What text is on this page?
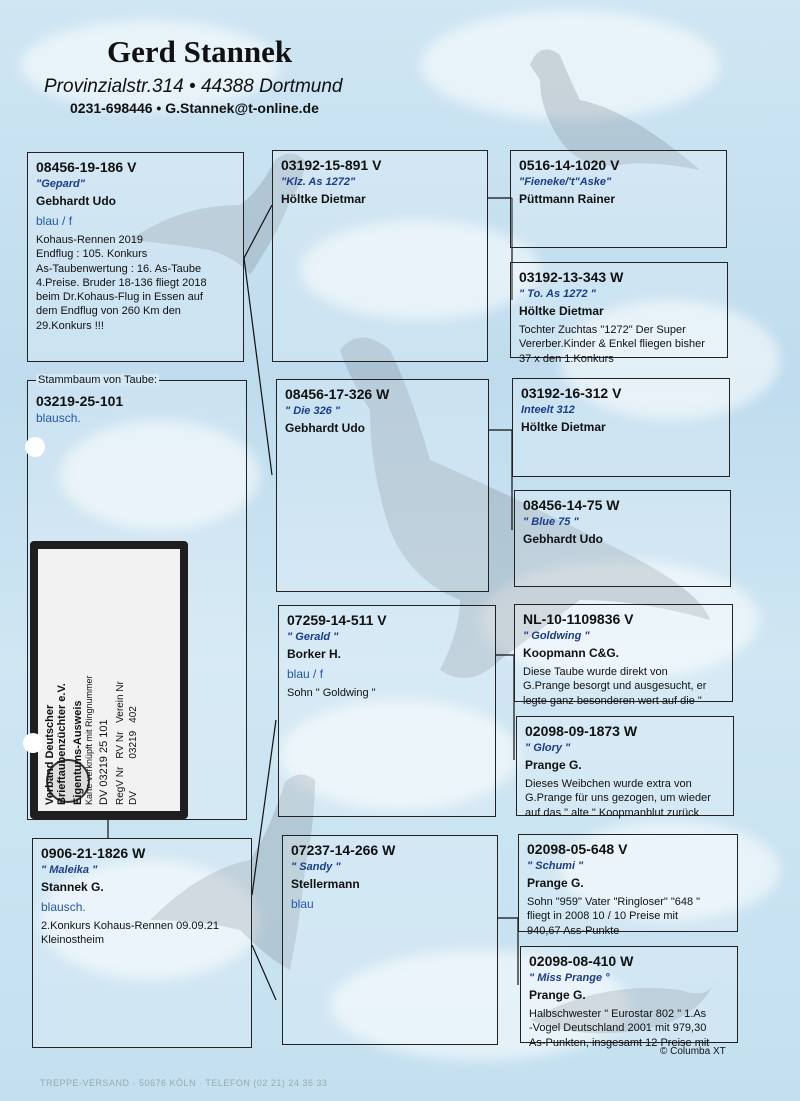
Gerd Stannek
Provinzialstr.314 • 44388 Dortmund
0231-698446 • G.Stannek@t-online.de
08456-19-186 V
"Gepard"
Gebhardt Udo
blau / f
Kohaus-Rennen 2019
Endflug : 105. Konkurs
As-Taubenwertung : 16. As-Taube
4.Preise. Bruder 18-136 fliegt 2018
beim Dr.Kohaus-Flug in Essen auf
dem Endflug von 260 Km den
29.Konkurs !!!
03219-25-101
blausch.
Stammbaum von Taube:
Verband Deutscher Brieftaubenzüchter e.V. Eigentums-Ausweis Karte verknüpft mit Ringnummer DV 03219 25 101 RegV Nr	RV Nr	Verein Nr
DV	03219	402
0906-21-1826 W
" Maleika "
Stannek G.
blausch.
2.Konkurs Kohaus-Rennen 09.09.21
Kleinostheim
03192-15-891 V
"Klz. As 1272"
Höltke Dietmar
08456-17-326 W
" Die 326 "
Gebhardt Udo
07259-14-511 V
" Gerald "
Borker H.
blau / f
Sohn " Goldwing "
07237-14-266 W
" Sandy "
Stellermann
blau
0516-14-1020 V
"Fieneke/'t"Aske"
Püttmann Rainer
03192-13-343 W
" To. As 1272 "
Höltke Dietmar
Tochter Zuchtas "1272" Der Super
Vererber.Kinder & Enkel fliegen bisher
37 x den 1.Konkurs
03192-16-312 V
Inteelt 312
Höltke Dietmar
08456-14-75 W
" Blue 75 "
Gebhardt Udo
NL-10-1109836 V
" Goldwing "
Koopmann C&G.
Diese Taube wurde direkt von
G.Prange besorgt und ausgesucht, er
legte ganz besonderen wert auf die "
02098-09-1873 W
" Glory "
Prange G.
Dieses Weibchen wurde extra von
G.Prange für uns gezogen, um wieder
auf das " alte " Koopmanblut zurück
02098-05-648 V
" Schumi "
Prange G.
Sohn "959" Vater "Ringloser" "648 "
fliegt in 2008 10 / 10 Preise mit
940,67 Ass-Punkte
02098-08-410 W
" Miss Prange °
Prange G.
Halbschwester " Eurostar 802 " 1.As
-Vogel Deutschland 2001 mit 979,30
As-Punkten, insgesamt 12 Preise mit
© Columba XT
TREPPE-VERSAND · 50676 KÖLN · TELEFON (02 21) 24 36 33
